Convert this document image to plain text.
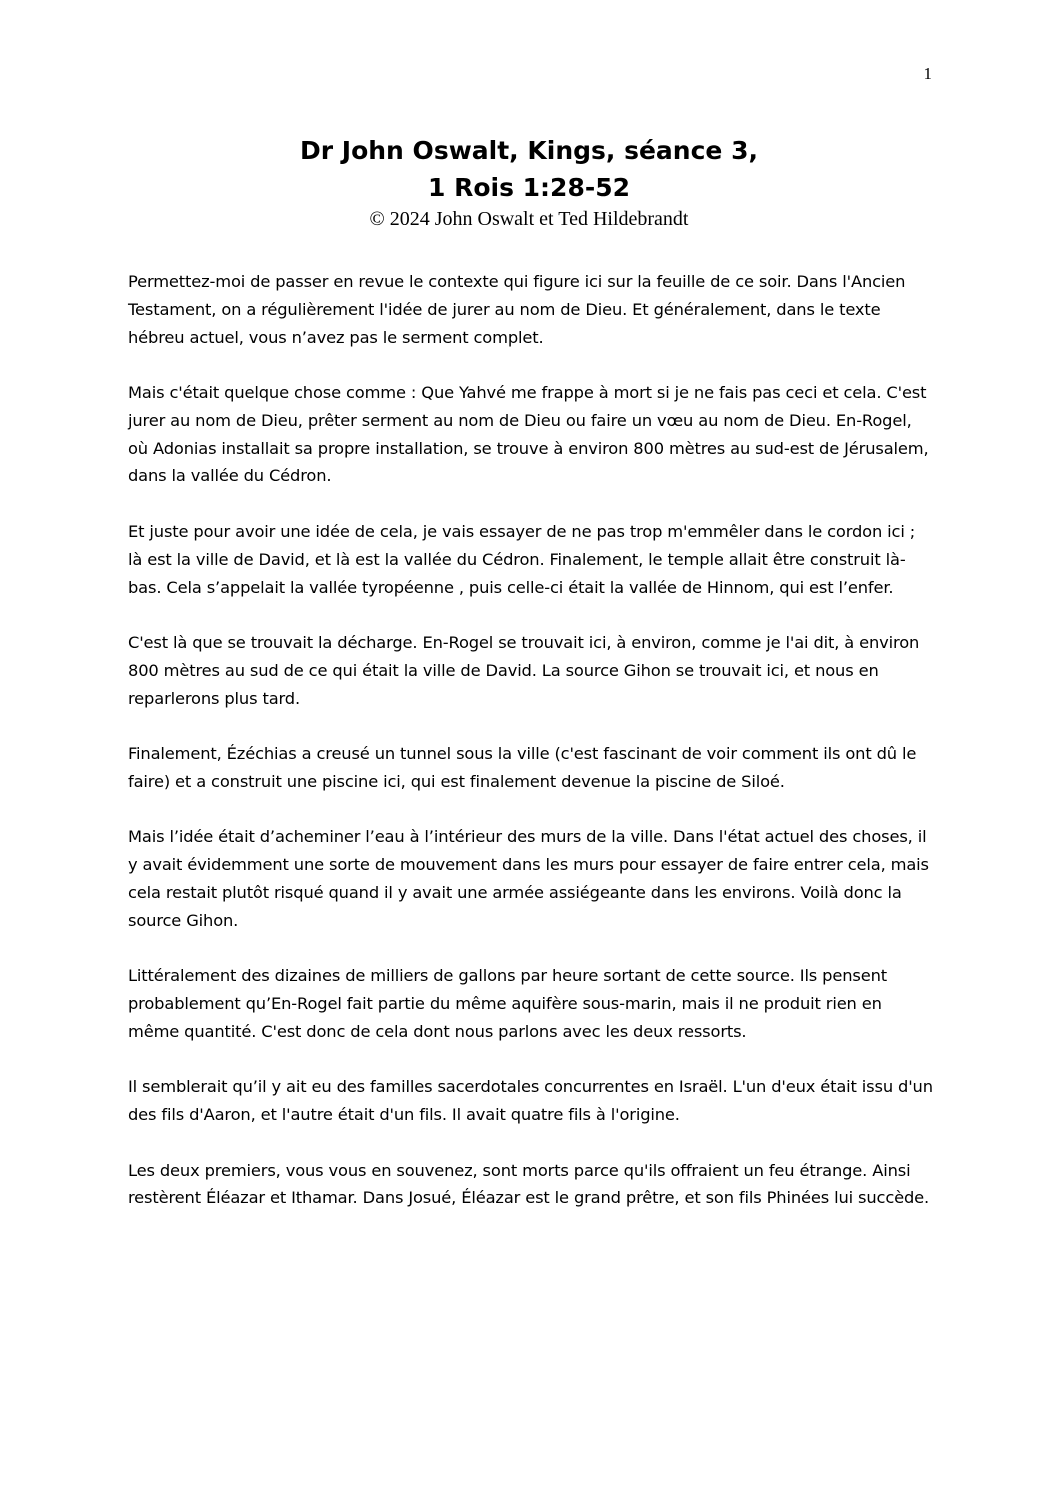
1
Dr John Oswalt, Kings, séance 3,
1 Rois 1:28-52
© 2024 John Oswalt et Ted Hildebrandt

Permettez-moi de passer en revue le contexte qui figure ici sur la feuille de ce soir. Dans l'Ancien Testament, on a régulièrement l'idée de jurer au nom de Dieu. Et généralement, dans le texte hébreu actuel, vous n’avez pas le serment complet.

Mais c'était quelque chose comme : Que Yahvé me frappe à mort si je ne fais pas ceci et cela. C'est jurer au nom de Dieu, prêter serment au nom de Dieu ou faire un vœu au nom de Dieu. En-Rogel, où Adonias installait sa propre installation, se trouve à environ 800 mètres au sud-est de Jérusalem, dans la vallée du Cédron.

Et juste pour avoir une idée de cela, je vais essayer de ne pas trop m'emmêler dans le cordon ici ; là est la ville de David, et là est la vallée du Cédron. Finalement, le temple allait être construit là-bas. Cela s’appelait la vallée tyropéenne , puis celle-ci était la vallée de Hinnom, qui est l’enfer.

C'est là que se trouvait la décharge. En-Rogel se trouvait ici, à environ, comme je l'ai dit, à environ 800 mètres au sud de ce qui était la ville de David. La source Gihon se trouvait ici, et nous en reparlerons plus tard.

Finalement, Ézéchias a creusé un tunnel sous la ville (c'est fascinant de voir comment ils ont dû le faire) et a construit une piscine ici, qui est finalement devenue la piscine de Siloé.

Mais l’idée était d’acheminer l’eau à l’intérieur des murs de la ville. Dans l'état actuel des choses, il y avait évidemment une sorte de mouvement dans les murs pour essayer de faire entrer cela, mais cela restait plutôt risqué quand il y avait une armée assiégeante dans les environs. Voilà donc la source Gihon.

Littéralement des dizaines de milliers de gallons par heure sortant de cette source. Ils pensent probablement qu’En-Rogel fait partie du même aquifère sous-marin, mais il ne produit rien en même quantité. C'est donc de cela dont nous parlons avec les deux ressorts.

Il semblerait qu’il y ait eu des familles sacerdotales concurrentes en Israël. L'un d'eux était issu d'un des fils d'Aaron, et l'autre était d'un fils. Il avait quatre fils à l'origine.

Les deux premiers, vous vous en souvenez, sont morts parce qu'ils offraient un feu étrange. Ainsi restèrent Éléazar et Ithamar. Dans Josué, Éléazar est le grand prêtre, et son fils Phinées lui succède.
